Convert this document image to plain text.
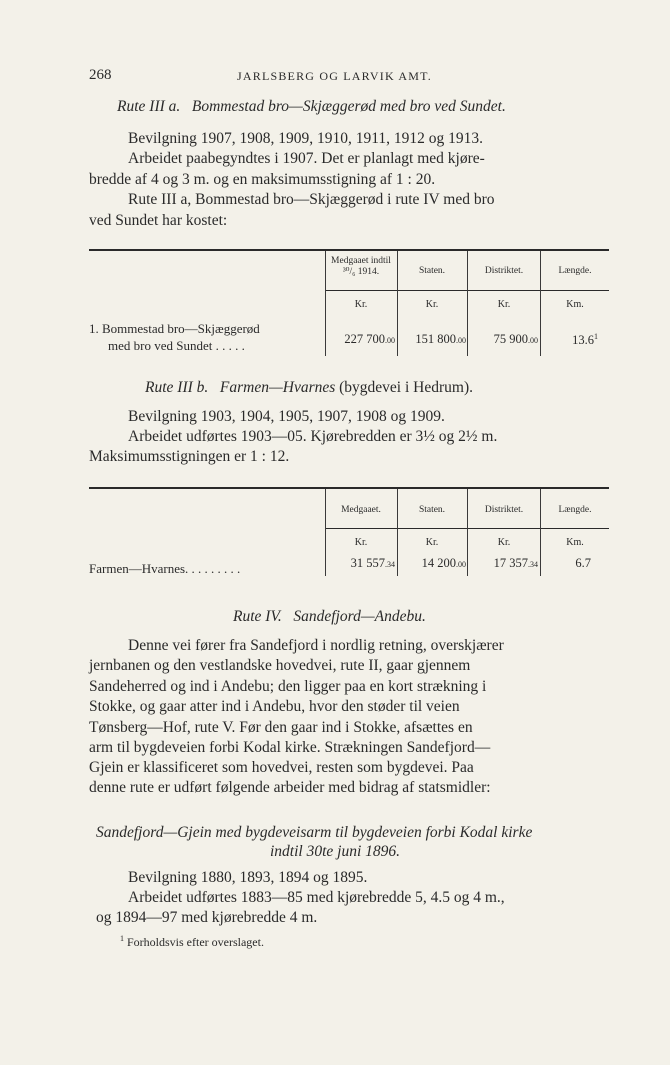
268	JARLSBERG OG LARVIK AMT.
Rute III a. Bommestad bro—Skjæggerød med bro ved Sundet.
Bevilgning 1907, 1908, 1909, 1910, 1911, 1912 og 1913.
Arbeidet paabegyndtes i 1907. Det er planlagt med kjøre-
bredde af 4 og 3 m. og en maksimumsstigning af 1 : 20.
Rute III a, Bommestad bro—Skjæggerød i rute IV med bro
ved Sundet har kostet:
Medgaaet indtil ³⁰/₆ 1914.	Staten.	Distriktet.	Længde.
Kr.	Kr.	Kr.	Km.
1. Bommestad bro—Skjæggerød
med bro ved Sundet . . . . .	227 700.00	151 800.00	75 900.00	13.6$^1$
Rute III b. Farmen—Hvarnes (bygdevei i Hedrum).
Bevilgning 1903, 1904, 1905, 1907, 1908 og 1909.
Arbeidet udførtes 1903—05. Kjørebredden er 3½ og 2½ m.
Maksimumsstigningen er 1 : 12.
Medgaaet.	Staten.	Distriktet.	Længde.
Kr.	Kr.	Kr.	Km.
Farmen—Hvarnes. . . . . . . . .	31 557.34	14 200.00	17 357.34	6.7
Rute IV. Sandefjord—Andebu.
Denne vei fører fra Sandefjord i nordlig retning, overskjærer
jernbanen og den vestlandske hovedvei, rute II, gaar gjennem
Sandeherred og ind i Andebu; den ligger paa en kort strækning i
Stokke, og gaar atter ind i Andebu, hvor den støder til veien
Tønsberg—Hof, rute V. Før den gaar ind i Stokke, afsættes en
arm til bygdeveien forbi Kodal kirke. Strækningen Sandefjord—
Gjein er klassificeret som hovedvei, resten som bygdevei. Paa
denne rute er udført følgende arbeider med bidrag af statsmidler:
Sandefjord—Gjein med bygdeveisarm til bygdeveien forbi Kodal kirke
indtil 30te juni 1896.
Bevilgning 1880, 1893, 1894 og 1895.
Arbeidet udførtes 1883—85 med kjørebredde 5, 4.5 og 4 m.,
og 1894—97 med kjørebredde 4 m.
$^1$ Forholdsvis efter overslaget.
